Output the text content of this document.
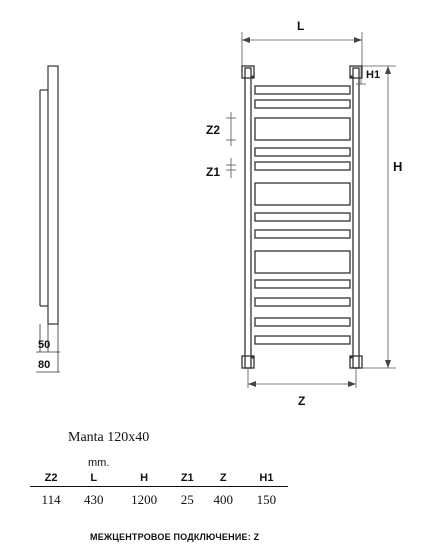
50
80
L
H
H1
Z
Z1
Z2
Manta 120x40
mm.
Z2	L	H	Z1	Z	H1
114	430	1200	25	400	150
МЕЖЦЕНТРОВОЕ ПОДКЛЮЧЕНИЕ: Z
